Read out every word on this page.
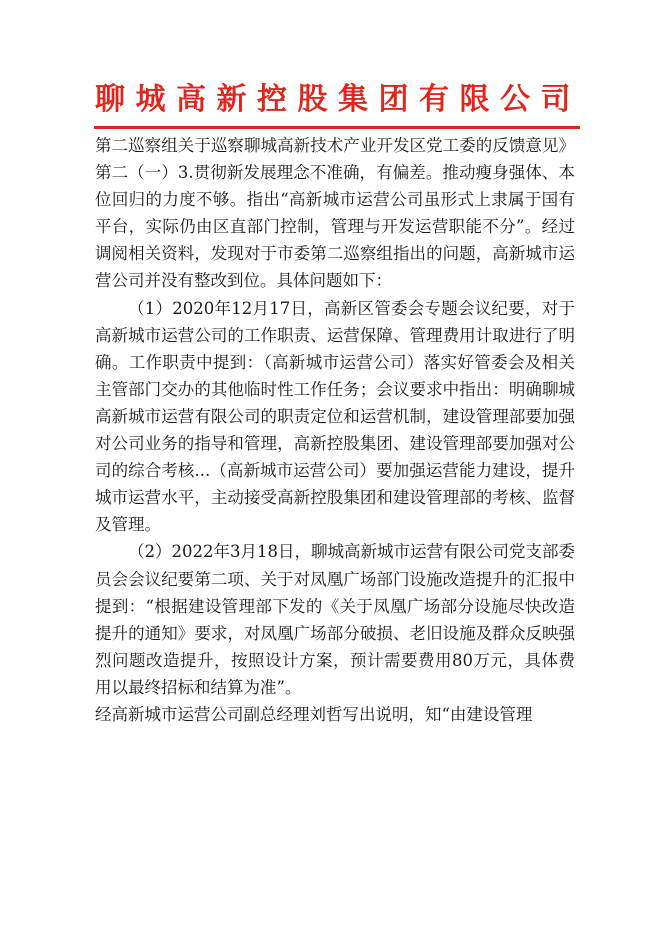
聊城高新控股集团有限公司

第二巡察组关于巡察聊城高新技术产业开发区党工委的反馈意见》第二（一）3.贯彻新发展理念不准确，有偏差。推动瘦身强体、本位回归的力度不够。指出“高新城市运营公司虽形式上隶属于国有平台，实际仍由区直部门控制，管理与开发运营职能不分”。经过调阅相关资料，发现对于市委第二巡察组指出的问题，高新城市运营公司并没有整改到位。具体问题如下：

（1）2020年12月17日，高新区管委会专题会议纪要，对于高新城市运营公司的工作职责、运营保障、管理费用计取进行了明确。工作职责中提到：（高新城市运营公司）落实好管委会及相关主管部门交办的其他临时性工作任务；会议要求中指出：明确聊城高新城市运营有限公司的职责定位和运营机制，建设管理部要加强对公司业务的指导和管理，高新控股集团、建设管理部要加强对公司的综合考核...（高新城市运营公司）要加强运营能力建设，提升城市运营水平，主动接受高新控股集团和建设管理部的考核、监督及管理。

（2）2022年3月18日，聊城高新城市运营有限公司党支部委员会会议纪要第二项、关于对凤凰广场部门设施改造提升的汇报中提到：“根据建设管理部下发的《关于凤凰广场部分设施尽快改造提升的通知》要求，对凤凰广场部分破损、老旧设施及群众反映强烈问题改造提升，按照设计方案，预计需要费用80万元，具体费用以最终招标和结算为准”。

经高新城市运营公司副总经理刘哲写出说明，知“由建设管理
